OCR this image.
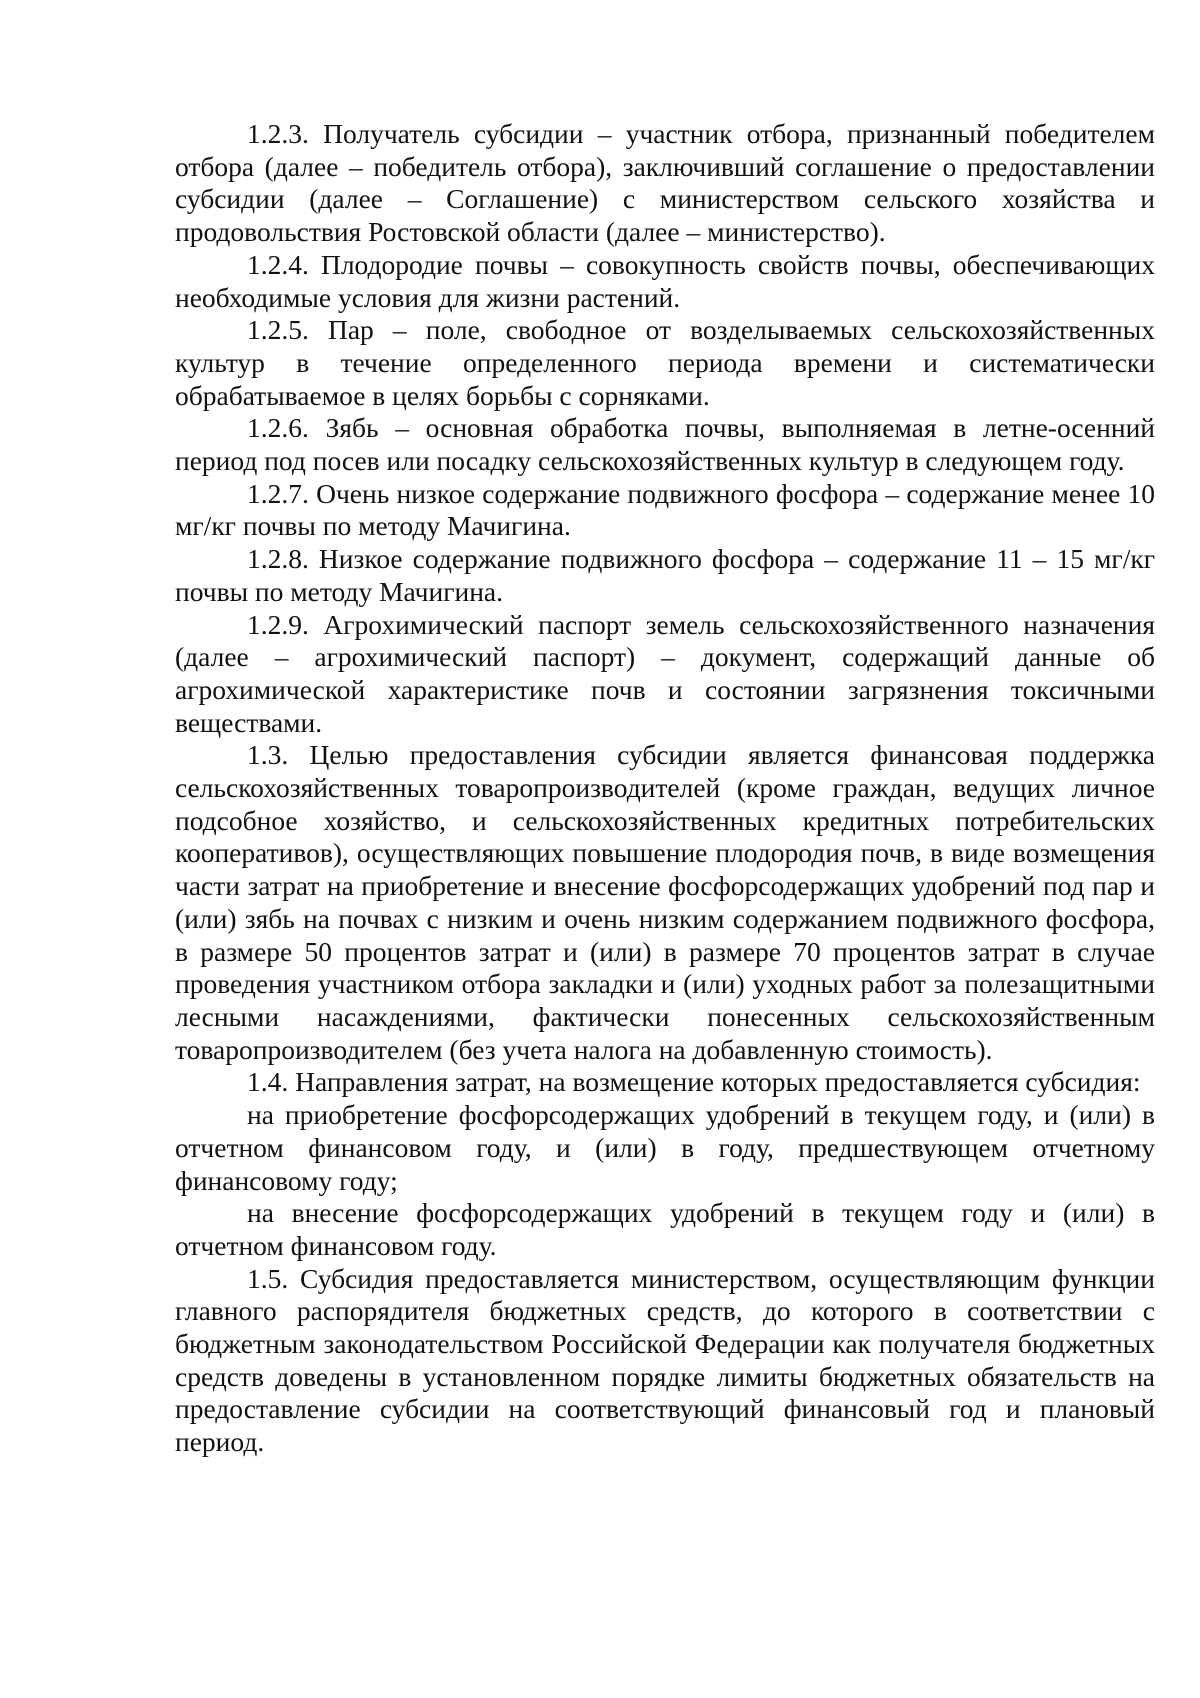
1.2.3. Получатель субсидии – участник отбора, признанный победителем отбора (далее – победитель отбора), заключивший соглашение о предоставлении субсидии (далее – Соглашение) с министерством сельского хозяйства и продовольствия Ростовской области (далее – министерство).

1.2.4. Плодородие почвы – совокупность свойств почвы, обеспечивающих необходимые условия для жизни растений.

1.2.5. Пар – поле, свободное от возделываемых сельскохозяйственных культур в течение определенного периода времени и систематически обрабатываемое в целях борьбы с сорняками.

1.2.6. Зябь – основная обработка почвы, выполняемая в летне-осенний период под посев или посадку сельскохозяйственных культур в следующем году.

1.2.7. Очень низкое содержание подвижного фосфора – содержание менее 10 мг/кг почвы по методу Мачигина.

1.2.8. Низкое содержание подвижного фосфора – содержание 11 – 15 мг/кг почвы по методу Мачигина.

1.2.9. Агрохимический паспорт земель сельскохозяйственного назначения (далее – агрохимический паспорт) – документ, содержащий данные об агрохимической характеристике почв и состоянии загрязнения токсичными веществами.

1.3. Целью предоставления субсидии является финансовая поддержка сельскохозяйственных товаропроизводителей (кроме граждан, ведущих личное подсобное хозяйство, и сельскохозяйственных кредитных потребительских кооперативов), осуществляющих повышение плодородия почв, в виде возмещения части затрат на приобретение и внесение фосфорсодержащих удобрений под пар и (или) зябь на почвах с низким и очень низким содержанием подвижного фосфора, в размере 50 процентов затрат и (или) в размере 70 процентов затрат в случае проведения участником отбора закладки и (или) уходных работ за полезащитными лесными насаждениями, фактически понесенных сельскохозяйственным товаропроизводителем (без учета налога на добавленную стоимость).

1.4. Направления затрат, на возмещение которых предоставляется субсидия:

на приобретение фосфорсодержащих удобрений в текущем году, и (или) в отчетном финансовом году, и (или) в году, предшествующем отчетному финансовому году;

на внесение фосфорсодержащих удобрений в текущем году и (или) в отчетном финансовом году.

1.5. Субсидия предоставляется министерством, осуществляющим функции главного распорядителя бюджетных средств, до которого в соответствии с бюджетным законодательством Российской Федерации как получателя бюджетных средств доведены в установленном порядке лимиты бюджетных обязательств на предоставление субсидии на соответствующий финансовый год и плановый период.
